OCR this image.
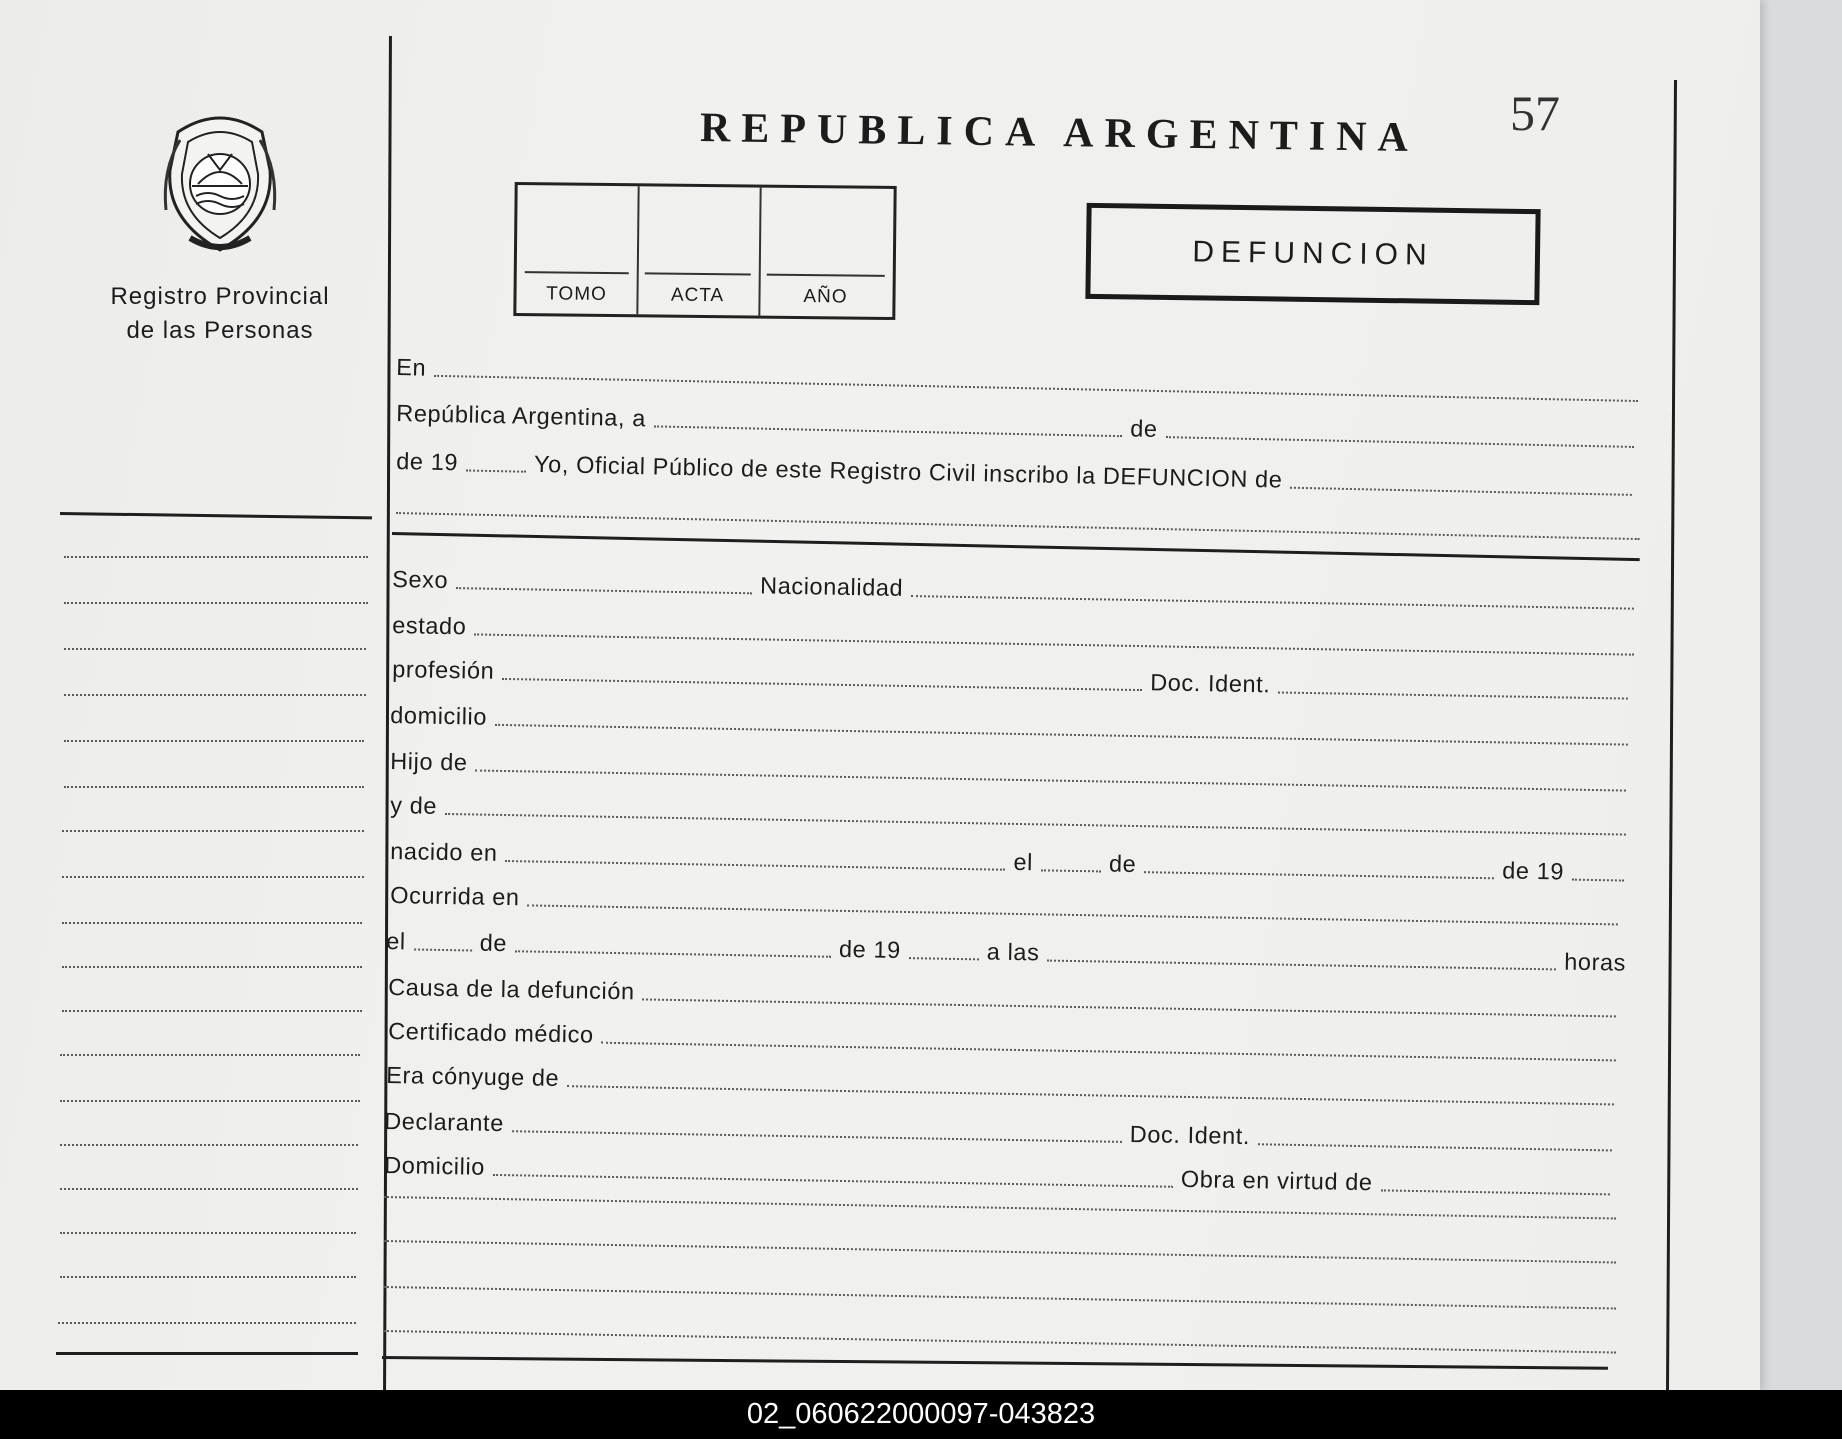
Registro Provincial
de las Personas
REPUBLICA ARGENTINA 57
TOMO	ACTA	AÑO
DEFUNCION
En
República Argentina, a	de
de 19	Yo, Oficial Público de este Registro Civil inscribo la DEFUNCION de
Sexo	Nacionalidad
estado
profesión	Doc. Ident.
domicilio
Hijo de
y de
nacido en	el	de	de 19
Ocurrida en
el	de	de 19	a las	horas
Causa de la defunción
Certificado médico
Era cónyuge de
Declarante	Doc. Ident.
Domicilio
Obra en virtud de
02_060622000097-043823
